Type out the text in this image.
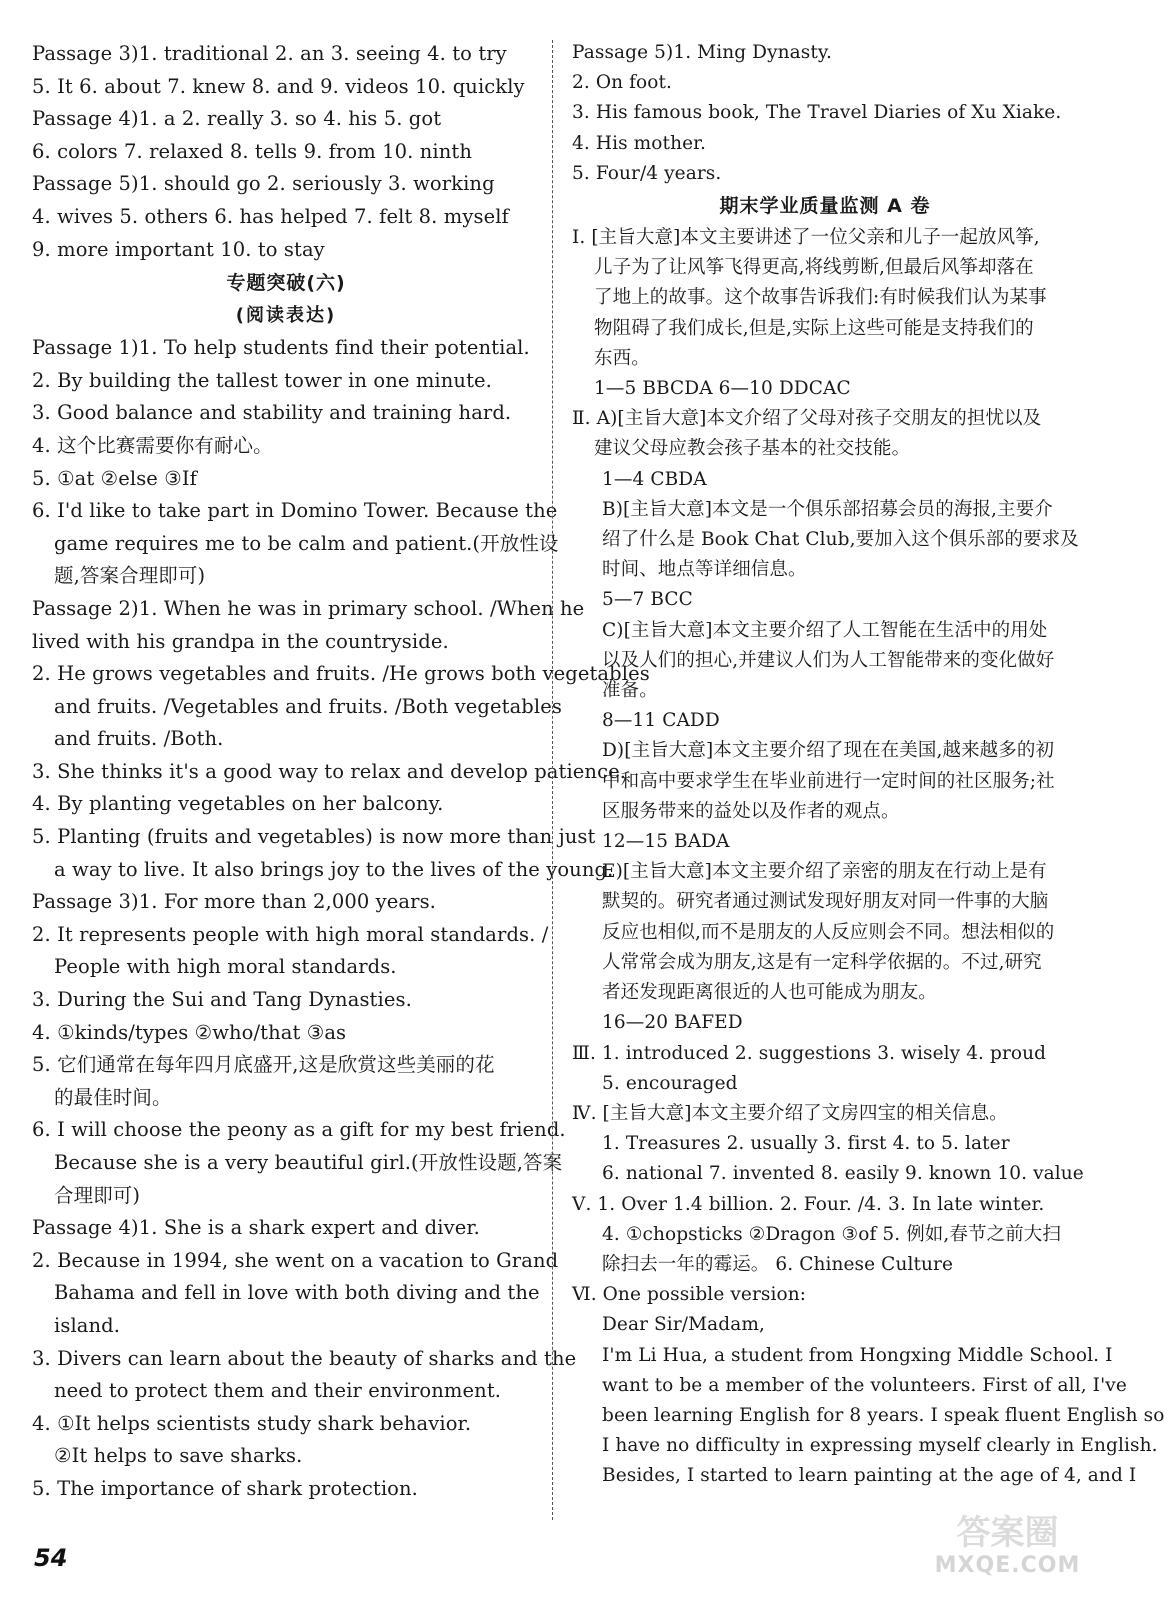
Passage 3)1. traditional 2. an 3. seeing 4. to try
5. It 6. about 7. knew 8. and 9. videos 10. quickly
Passage 4)1. a 2. really 3. so 4. his 5. got
6. colors 7. relaxed 8. tells 9. from 10. ninth
Passage 5)1. should go 2. seriously 3. working
4. wives 5. others 6. has helped 7. felt 8. myself
9. more important 10. to stay
专题突破(六)
(阅读表达)
Passage 1)1. To help students find their potential.
2. By building the tallest tower in one minute.
3. Good balance and stability and training hard.
4. 这个比赛需要你有耐心。
5. ①at ②else ③If
6. I'd like to take part in Domino Tower. Because the
game requires me to be calm and patient.(开放性设
题,答案合理即可)
Passage 2)1. When he was in primary school. /When he
lived with his grandpa in the countryside.
2. He grows vegetables and fruits. /He grows both vegetables
and fruits. /Vegetables and fruits. /Both vegetables
and fruits. /Both.
3. She thinks it's a good way to relax and develop patience.
4. By planting vegetables on her balcony.
5. Planting (fruits and vegetables) is now more than just
a way to live. It also brings joy to the lives of the young.
Passage 3)1. For more than 2,000 years.
2. It represents people with high moral standards. /
People with high moral standards.
3. During the Sui and Tang Dynasties.
4. ①kinds/types ②who/that ③as
5. 它们通常在每年四月底盛开,这是欣赏这些美丽的花
的最佳时间。
6. I will choose the peony as a gift for my best friend.
Because she is a very beautiful girl.(开放性设题,答案
合理即可)
Passage 4)1. She is a shark expert and diver.
2. Because in 1994, she went on a vacation to Grand
Bahama and fell in love with both diving and the
island.
3. Divers can learn about the beauty of sharks and the
need to protect them and their environment.
4. ①It helps scientists study shark behavior.
②It helps to save sharks.
5. The importance of shark protection.
Passage 5)1. Ming Dynasty.
2. On foot.
3. His famous book, The Travel Diaries of Xu Xiake.
4. His mother.
5. Four/4 years.
期末学业质量监测 A 卷
Ⅰ. [主旨大意]本文主要讲述了一位父亲和儿子一起放风筝,
儿子为了让风筝飞得更高,将线剪断,但最后风筝却落在
了地上的故事。这个故事告诉我们:有时候我们认为某事
物阻碍了我们成长,但是,实际上这些可能是支持我们的
东西。
1—5 BBCDA 6—10 DDCAC
Ⅱ. A)[主旨大意]本文介绍了父母对孩子交朋友的担忧以及
建议父母应教会孩子基本的社交技能。
1—4 CBDA
B)[主旨大意]本文是一个俱乐部招募会员的海报,主要介
绍了什么是 Book Chat Club,要加入这个俱乐部的要求及
时间、地点等详细信息。
5—7 BCC
C)[主旨大意]本文主要介绍了人工智能在生活中的用处
以及人们的担心,并建议人们为人工智能带来的变化做好
准备。
8—11 CADD
D)[主旨大意]本文主要介绍了现在在美国,越来越多的初
中和高中要求学生在毕业前进行一定时间的社区服务;社
区服务带来的益处以及作者的观点。
12—15 BADA
E)[主旨大意]本文主要介绍了亲密的朋友在行动上是有
默契的。研究者通过测试发现好朋友对同一件事的大脑
反应也相似,而不是朋友的人反应则会不同。想法相似的
人常常会成为朋友,这是有一定科学依据的。不过,研究
者还发现距离很近的人也可能成为朋友。
16—20 BAFED
Ⅲ. 1. introduced 2. suggestions 3. wisely 4. proud
5. encouraged
Ⅳ. [主旨大意]本文主要介绍了文房四宝的相关信息。
1. Treasures 2. usually 3. first 4. to 5. later
6. national 7. invented 8. easily 9. known 10. value
Ⅴ. 1. Over 1.4 billion. 2. Four. /4. 3. In late winter.
4. ①chopsticks ②Dragon ③of 5. 例如,春节之前大扫
除扫去一年的霉运。 6. Chinese Culture
Ⅵ. One possible version:
Dear Sir/Madam,
I'm Li Hua, a student from Hongxing Middle School. I
want to be a member of the volunteers. First of all, I've
been learning English for 8 years. I speak fluent English so
I have no difficulty in expressing myself clearly in English.
Besides, I started to learn painting at the age of 4, and I
54
答案圈
MXQE.COM
